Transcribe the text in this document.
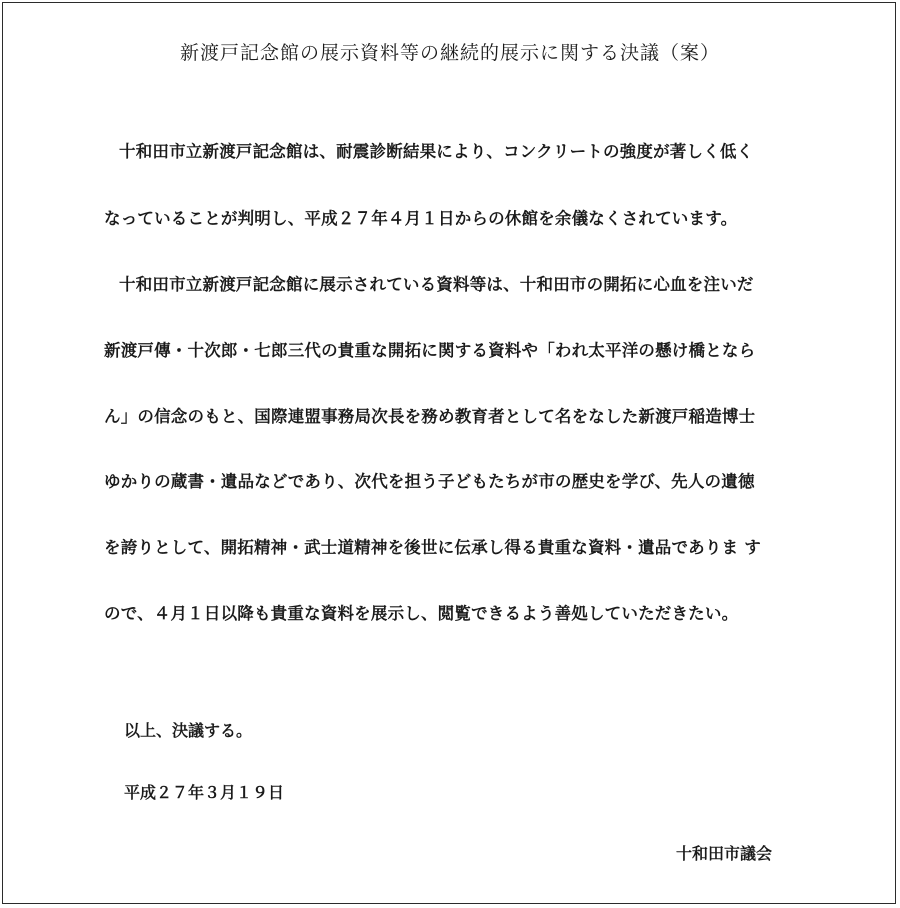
新渡戸記念館の展示資料等の継続的展示に関する決議（案）

十和田市立新渡戸記念館は、耐震診断結果により、コンクリートの強度が著しく低く

なっていることが判明し、平成２７年４月１日からの休館を余儀なくされています。

十和田市立新渡戸記念館に展示されている資料等は、十和田市の開拓に心血を注いだ

新渡戸傳・十次郎・七郎三代の貴重な開拓に関する資料や「われ太平洋の懸け橋となら

ん」の信念のもと、国際連盟事務局次長を務め教育者として名をなした新渡戸稲造博士

ゆかりの蔵書・遺品などであり、次代を担う子どもたちが市の歴史を学び、先人の遺徳

を誇りとして、開拓精神・武士道精神を後世に伝承し得る貴重な資料・遺品でありま す

ので、４月１日以降も貴重な資料を展示し、閲覧できるよう善処していただきたい。

以上、決議する。

平成２７年３月１９日

十和田市議会
